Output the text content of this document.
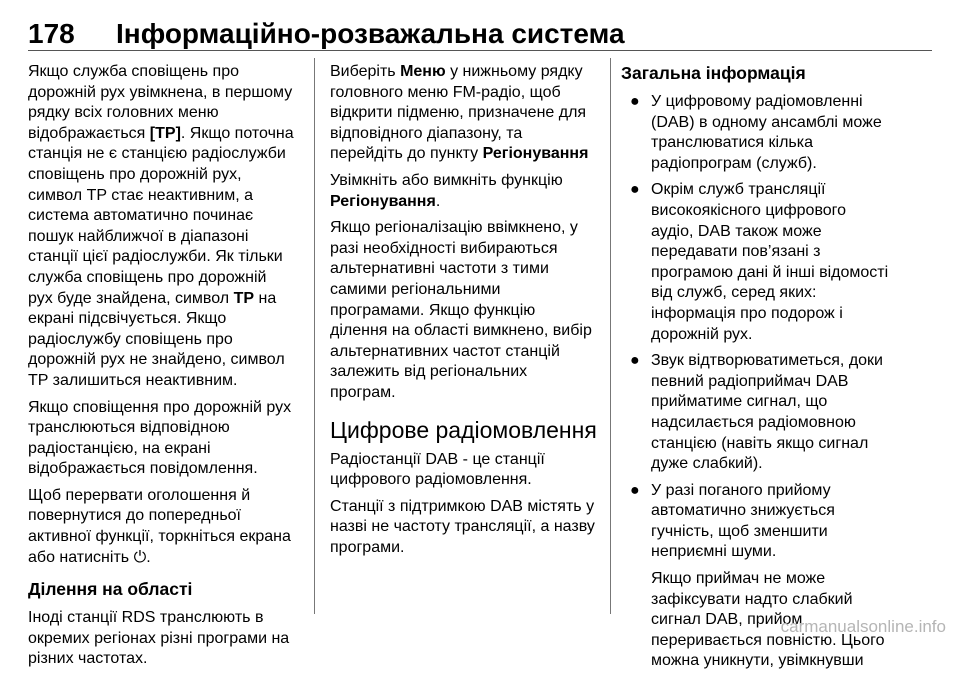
178 Інформаційно-розважальна система
Якщо служба сповіщень про
дорожній рух увімкнена, в першому
рядку всіх головних меню
відображається [TP]. Якщо поточна
станція не є станцією радіослужби
сповіщень про дорожній рух,
символ TP стає неактивним, а
система автоматично починає
пошук найближчої в діапазоні
станції цієї радіослужби. Як тільки
служба сповіщень про дорожній
рух буде знайдена, символ TP на
екрані підсвічується. Якщо
радіослужбу сповіщень про
дорожній рух не знайдено, символ
TP залишиться неактивним.
Якщо сповіщення про дорожній рух
транслюються відповідною
радіостанцією, на екрані
відображається повідомлення.
Щоб перервати оголошення й
повернутися до попередньої
активної функції, торкніться екрана
або натисніть ⏻.
Ділення на області
Іноді станції RDS транслюють в
окремих регіонах різні програми на
різних частотах.
Виберіть Меню у нижньому рядку
головного меню FM-радіо, щоб
відкрити підменю, призначене для
відповідного діапазону, та
перейдіть до пункту Регіонування
Увімкніть або вимкніть функцію
Регіонування.
Якщо регіоналізацію ввімкнено, у
разі необхідності вибираються
альтернативні частоти з тими
самими регіональними
програмами. Якщо функцію
ділення на області вимкнено, вибір
альтернативних частот станцій
залежить від регіональних
програм.
Цифрове радіомовлення
Радіостанції DAB - це станції
цифрового радіомовлення.
Станції з підтримкою DAB містять у
назві не частоту трансляції, а назву
програми.
Загальна інформація
● У цифровому радіомовленні
(DAB) в одному ансамблі може
транслюватися кілька
радіопрограм (служб).
● Окрім служб трансляції
високоякісного цифрового
аудіо, DAB також може
передавати пов’язані з
програмою дані й інші відомості
від служб, серед яких:
інформація про подорож і
дорожній рух.
● Звук відтворюватиметься, доки
певний радіоприймач DAB
прийматиме сигнал, що
надсилається радіомовною
станцією (навіть якщо сигнал
дуже слабкий).
● У разі поганого прийому
автоматично знижується
гучність, щоб зменшити
неприємні шуми.
Якщо приймач не може
зафіксувати надто слабкий
сигнал DAB, прийом
переривається повністю. Цього
можна уникнути, увімкнувши
carmanualsonline.info
